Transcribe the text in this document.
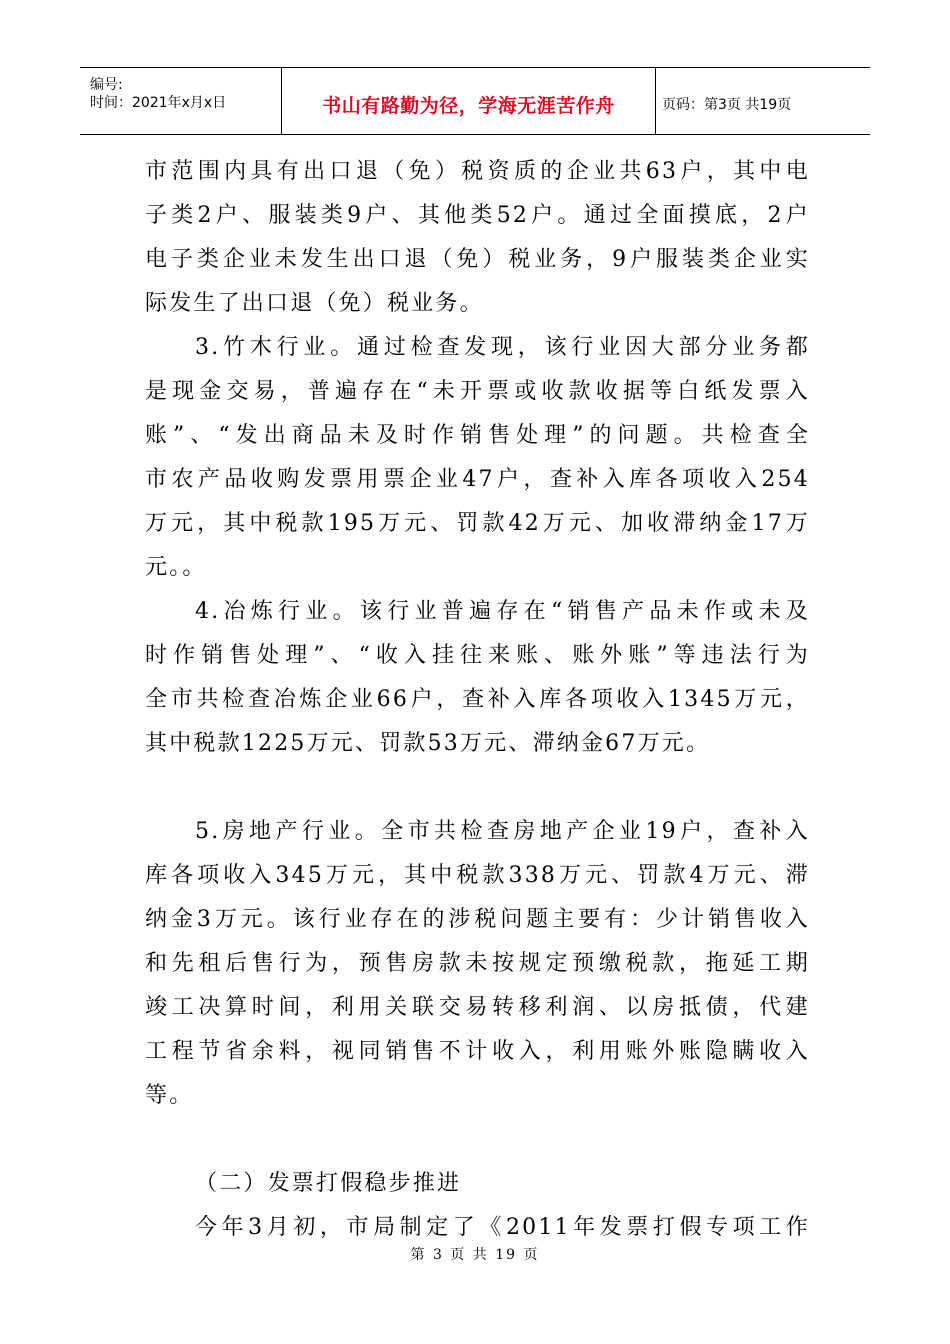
编号:
时间：2021年x月x日	书山有路勤为径，学海无涯苦作舟	页码：第3页 共19页
市范围内具有出口退（免）税资质的企业共63户，其中电
子类2户、服装类9户、其他类52户。通过全面摸底，2户
电子类企业未发生出口退（免）税业务，9户服装类企业实
际发生了出口退（免）税业务。
3.竹木行业。通过检查发现，该行业因大部分业务都
是现金交易，普遍存在“未开票或收款收据等白纸发票入
账”、“发出商品未及时作销售处理”的问题。共检查全
市农产品收购发票用票企业47户，查补入库各项收入254
万元，其中税款195万元、罚款42万元、加收滞纳金17万
元。。
4.冶炼行业。该行业普遍存在“销售产品未作或未及
时作销售处理”、“收入挂往来账、账外账”等违法行为
全市共检查冶炼企业66户，查补入库各项收入1345万元，
其中税款1225万元、罚款53万元、滞纳金67万元。
5.房地产行业。全市共检查房地产企业19户，查补入
库各项收入345万元，其中税款338万元、罚款4万元、滞
纳金3万元。该行业存在的涉税问题主要有：少计销售收入
和先租后售行为，预售房款未按规定预缴税款，拖延工期
竣工决算时间，利用关联交易转移利润、以房抵债，代建
工程节省余料，视同销售不计收入，利用账外账隐瞒收入
等。
（二）发票打假稳步推进
今年3月初，市局制定了《2011年发票打假专项工作
第 3 页 共 19 页
